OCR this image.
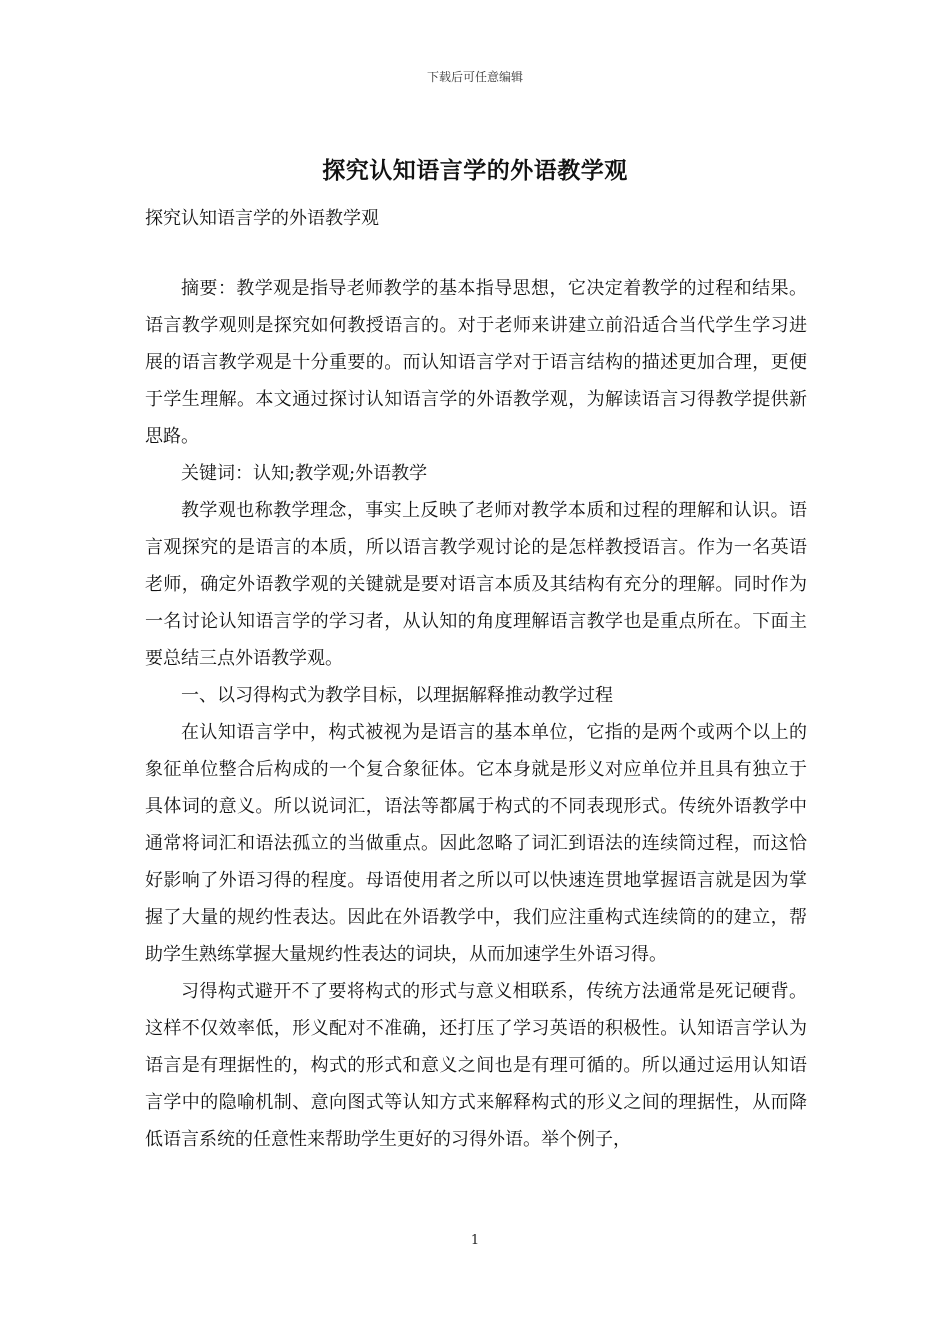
下载后可任意编辑
探究认知语言学的外语教学观
探究认知语言学的外语教学观

摘要：教学观是指导老师教学的基本指导思想，它决定着教学的过程和结果。语言教学观则是探究如何教授语言的。对于老师来讲建立前沿适合当代学生学习进展的语言教学观是十分重要的。而认知语言学对于语言结构的描述更加合理，更便于学生理解。本文通过探讨认知语言学的外语教学观，为解读语言习得教学提供新思路。

关键词：认知;教学观;外语教学

教学观也称教学理念，事实上反映了老师对教学本质和过程的理解和认识。语言观探究的是语言的本质，所以语言教学观讨论的是怎样教授语言。作为一名英语老师，确定外语教学观的关键就是要对语言本质及其结构有充分的理解。同时作为一名讨论认知语言学的学习者，从认知的角度理解语言教学也是重点所在。下面主要总结三点外语教学观。

一、以习得构式为教学目标，以理据解释推动教学过程

在认知语言学中，构式被视为是语言的基本单位，它指的是两个或两个以上的象征单位整合后构成的一个复合象征体。它本身就是形义对应单位并且具有独立于具体词的意义。所以说词汇，语法等都属于构式的不同表现形式。传统外语教学中通常将词汇和语法孤立的当做重点。因此忽略了词汇到语法的连续筒过程，而这恰好影响了外语习得的程度。母语使用者之所以可以快速连贯地掌握语言就是因为掌握了大量的规约性表达。因此在外语教学中，我们应注重构式连续筒的的建立，帮助学生熟练掌握大量规约性表达的词块，从而加速学生外语习得。

习得构式避开不了要将构式的形式与意义相联系，传统方法通常是死记硬背。这样不仅效率低，形义配对不准确，还打压了学习英语的积极性。认知语言学认为语言是有理据性的，构式的形式和意义之间也是有理可循的。所以通过运用认知语言学中的隐喻机制、意向图式等认知方式来解释构式的形义之间的理据性，从而降低语言系统的任意性来帮助学生更好的习得外语。举个例子，

1
